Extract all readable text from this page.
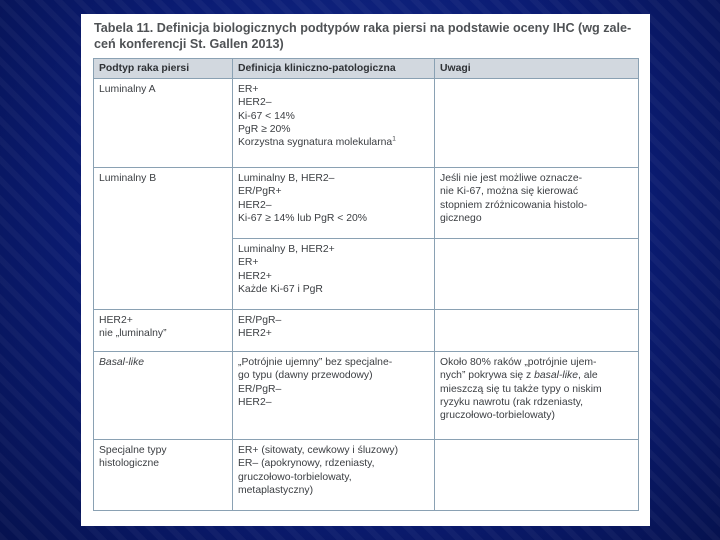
Tabela 11. Definicja biologicznych podtypów raka piersi na podstawie oceny IHC (wg zale-
ceń konferencji St. Gallen 2013)
Podtyp raka piersi	Definicja kliniczno-patologiczna	Uwagi

Luminalny A	ER+
HER2–
Ki-67 < 14%
PgR ≥ 20%
Korzystna sygnatura molekularna$^1$

Luminalny B	Luminalny B, HER2–
ER/PgR+
HER2–
Ki-67 ≥ 14% lub PgR < 20%	Jeśli nie jest możliwe oznacze-
nie Ki-67, można się kierować
stopniem zróżnicowania histolo-
gicznego

	Luminalny B, HER2+
ER+
HER2+
Każde Ki-67 i PgR	

HER2+
nie „luminalny”	ER/PgR–
HER2+	

Basal-like	„Potrójnie ujemny” bez specjalne-
go typu (dawny przewodowy)
ER/PgR–
HER2–	Około 80% raków „potrójnie ujem-
nych” pokrywa się z basal-like, ale
mieszczą się tu także typy o niskim
ryzyku nawrotu (rak rdzeniasty,
gruczołowo-torbielowaty)

Specjalne typy
histologiczne	ER+ (sitowaty, cewkowy i śluzowy)
ER– (apokrynowy, rdzeniasty,
gruczołowo-torbielowaty,
metaplastyczny)	
